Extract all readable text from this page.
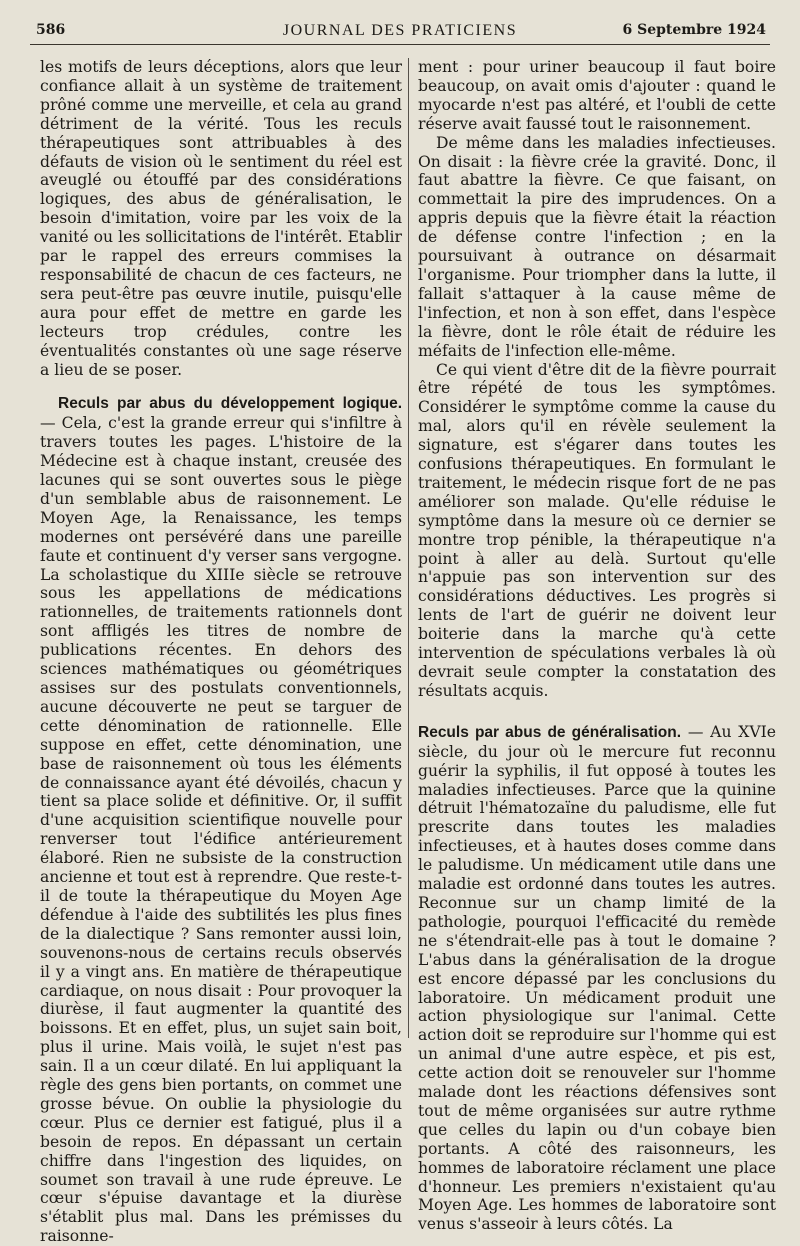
586	JOURNAL DES PRATICIENS	6 Septembre 1924

les motifs de leurs déceptions, alors que leur confiance allait à un système de traitement prôné comme une merveille, et cela au grand détriment de la vérité. Tous les reculs thérapeutiques sont attribuables à des défauts de vision où le sentiment du réel est aveuglé ou étouffé par des considérations logiques, des abus de généralisation, le besoin d'imitation, voire par les voix de la vanité ou les sollicitations de l'intérêt. Etablir par le rappel des erreurs commises la responsabilité de chacun de ces facteurs, ne sera peut-être pas œuvre inutile, puisqu'elle aura pour effet de mettre en garde les lecteurs trop crédules, contre les éventualités constantes où une sage réserve a lieu de se poser.

Reculs par abus du développement logique. — Cela, c'est la grande erreur qui s'infiltre à travers toutes les pages. L'histoire de la Médecine est à chaque instant, creusée des lacunes qui se sont ouvertes sous le piège d'un semblable abus de raisonnement. Le Moyen Age, la Renaissance, les temps modernes ont persévéré dans une pareille faute et continuent d'y verser sans vergogne. La scholastique du XIIIe siècle se retrouve sous les appellations de médications rationnelles, de traitements rationnels dont sont affligés les titres de nombre de publications récentes. En dehors des sciences mathématiques ou géométriques assises sur des postulats conventionnels, aucune découverte ne peut se targuer de cette dénomination de rationnelle. Elle suppose en effet, cette dénomination, une base de raisonnement où tous les éléments de connaissance ayant été dévoilés, chacun y tient sa place solide et définitive. Or, il suffit d'une acquisition scientifique nouvelle pour renverser tout l'édifice antérieurement élaboré. Rien ne subsiste de la construction ancienne et tout est à reprendre. Que reste-t-il de toute la thérapeutique du Moyen Age défendue à l'aide des subtilités les plus fines de la dialectique ? Sans remonter aussi loin, souvenons-nous de certains reculs observés il y a vingt ans. En matière de thérapeutique cardiaque, on nous disait : Pour provoquer la diurèse, il faut augmenter la quantité des boissons. Et en effet, plus, un sujet sain boit, plus il urine. Mais voilà, le sujet n'est pas sain. Il a un cœur dilaté. En lui appliquant la règle des gens bien portants, on commet une grosse bévue. On oublie la physiologie du cœur. Plus ce dernier est fatigué, plus il a besoin de repos. En dépassant un certain chiffre dans l'ingestion des liquides, on soumet son travail à une rude épreuve. Le cœur s'épuise davantage et la diurèse s'établit plus mal. Dans les prémisses du raisonne-

ment : pour uriner beaucoup il faut boire beaucoup, on avait omis d'ajouter : quand le myocarde n'est pas altéré, et l'oubli de cette réserve avait faussé tout le raisonnement.

De même dans les maladies infectieuses. On disait : la fièvre crée la gravité. Donc, il faut abattre la fièvre. Ce que faisant, on commettait la pire des imprudences. On a appris depuis que la fièvre était la réaction de défense contre l'infection ; en la poursuivant à outrance on désarmait l'organisme. Pour triompher dans la lutte, il fallait s'attaquer à la cause même de l'infection, et non à son effet, dans l'espèce la fièvre, dont le rôle était de réduire les méfaits de l'infection elle-même.

Ce qui vient d'être dit de la fièvre pourrait être répété de tous les symptômes. Considérer le symptôme comme la cause du mal, alors qu'il en révèle seulement la signature, est s'égarer dans toutes les confusions thérapeutiques. En formulant le traitement, le médecin risque fort de ne pas améliorer son malade. Qu'elle réduise le symptôme dans la mesure où ce dernier se montre trop pénible, la thérapeutique n'a point à aller au delà. Surtout qu'elle n'appuie pas son intervention sur des considérations déductives. Les progrès si lents de l'art de guérir ne doivent leur boiterie dans la marche qu'à cette intervention de spéculations verbales là où devrait seule compter la constatation des résultats acquis.

Reculs par abus de généralisation. — Au XVIe siècle, du jour où le mercure fut reconnu guérir la syphilis, il fut opposé à toutes les maladies infectieuses. Parce que la quinine détruit l'hématozaïne du paludisme, elle fut prescrite dans toutes les maladies infectieuses, et à hautes doses comme dans le paludisme. Un médicament utile dans une maladie est ordonné dans toutes les autres. Reconnue sur un champ limité de la pathologie, pourquoi l'efficacité du remède ne s'étendrait-elle pas à tout le domaine ? L'abus dans la généralisation de la drogue est encore dépassé par les conclusions du laboratoire. Un médicament produit une action physiologique sur l'animal. Cette action doit se reproduire sur l'homme qui est un animal d'une autre espèce, et pis est, cette action doit se renouveler sur l'homme malade dont les réactions défensives sont tout de même organisées sur autre rythme que celles du lapin ou d'un cobaye bien portants. A côté des raisonneurs, les hommes de laboratoire réclament une place d'honneur. Les premiers n'existaient qu'au Moyen Age. Les hommes de laboratoire sont venus s'asseoir à leurs côtés. La
